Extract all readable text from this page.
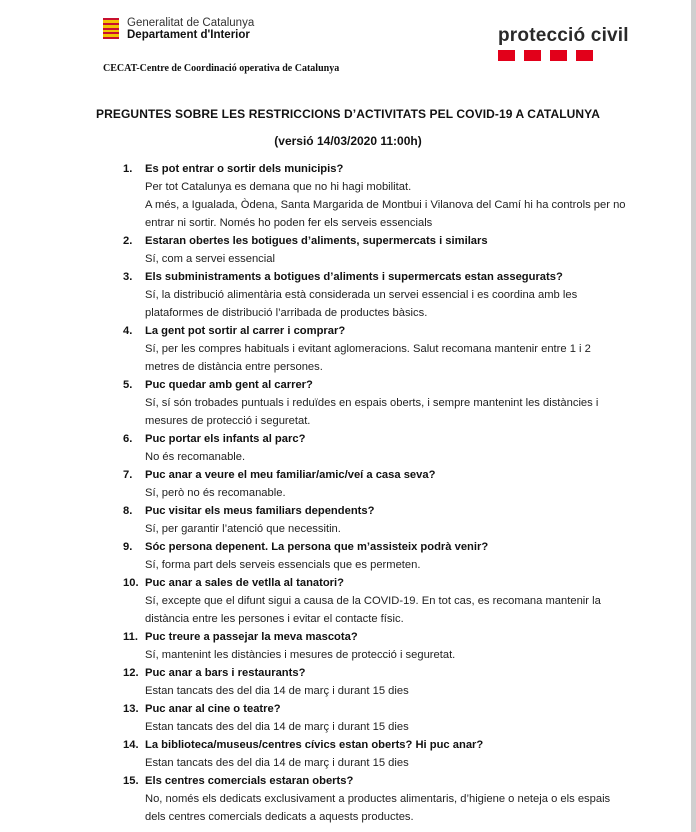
Generalitat de Catalunya
Departament d'Interior
CECAT-Centre de Coordinació operativa de Catalunya
protecció civil
PREGUNTES SOBRE LES RESTRICCIONS D’ACTIVITATS PEL COVID-19 A CATALUNYA
(versió 14/03/2020 11:00h)
1. Es pot entrar o sortir dels municipis?
Per tot Catalunya es demana que no hi hagi mobilitat.
A més, a Igualada, Òdena, Santa Margarida de Montbui i Vilanova del Camí hi ha controls per no entrar ni sortir. Només ho poden fer els serveis essencials
2. Estaran obertes les botigues d’aliments, supermercats i similars
Sí, com a servei essencial
3. Els subministraments a botigues d’aliments i supermercats estan assegurats?
Sí, la distribució alimentària està considerada un servei essencial i es coordina amb les plataformes de distribució l’arribada de productes bàsics.
4. La gent pot sortir al carrer i comprar?
Sí, per les compres habituals i evitant aglomeracions. Salut recomana mantenir entre 1 i 2 metres de distància entre persones.
5. Puc quedar amb gent al carrer?
Sí, sí són trobades puntuals i reduïdes en espais oberts, i sempre mantenint les distàncies i mesures de protecció i seguretat.
6. Puc portar els infants al parc?
No és recomanable.
7. Puc anar a veure el meu familiar/amic/veí a casa seva?
Sí, però no és recomanable.
8. Puc visitar els meus familiars dependents?
Sí, per garantir l’atenció que necessitin.
9. Sóc persona depenent. La persona que m’assisteix podrà venir?
Sí, forma part dels serveis essencials que es permeten.
10. Puc anar a sales de vetlla al tanatori?
Sí, excepte que el difunt sigui a causa de la COVID-19. En tot cas, es recomana mantenir la distància entre les persones i evitar el contacte físic.
11. Puc treure a passejar la meva mascota?
Sí, mantenint les distàncies i mesures de protecció i seguretat.
12. Puc anar a bars i restaurants?
Estan tancats des del dia 14 de març i durant 15 dies
13. Puc anar al cine o teatre?
Estan tancats des del dia 14 de març i durant 15 dies
14. La biblioteca/museus/centres cívics estan oberts? Hi puc anar?
Estan tancats des del dia 14 de març i durant 15 dies
15. Els centres comercials estaran oberts?
No, només els dedicats exclusivament a productes alimentaris, d’higiene o neteja o els espais dels centres comercials dedicats a aquests productes.
